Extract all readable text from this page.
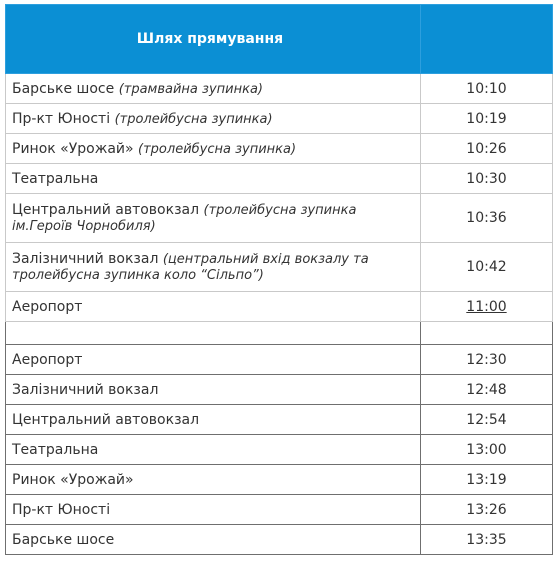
Шлях прямування	
Барське шосе (трамвайна зупинка)	10:10
Пр-кт Юності (тролейбусна зупинка)	10:19
Ринок «Урожай» (тролейбусна зупинка)	10:26
Театральна	10:30
Центральний автовокзал (тролейбусна зупинка ім.Героїв Чорнобиля)	10:36
Залізничний вокзал (центральний вхід вокзалу та тролейбусна зупинка коло “Сільпо”)	10:42
Аеропорт	11:00

Аеропорт	12:30
Залізничний вокзал	12:48
Центральний автовокзал	12:54
Театральна	13:00
Ринок «Урожай»	13:19
Пр-кт Юності	13:26
Барське шосе	13:35
